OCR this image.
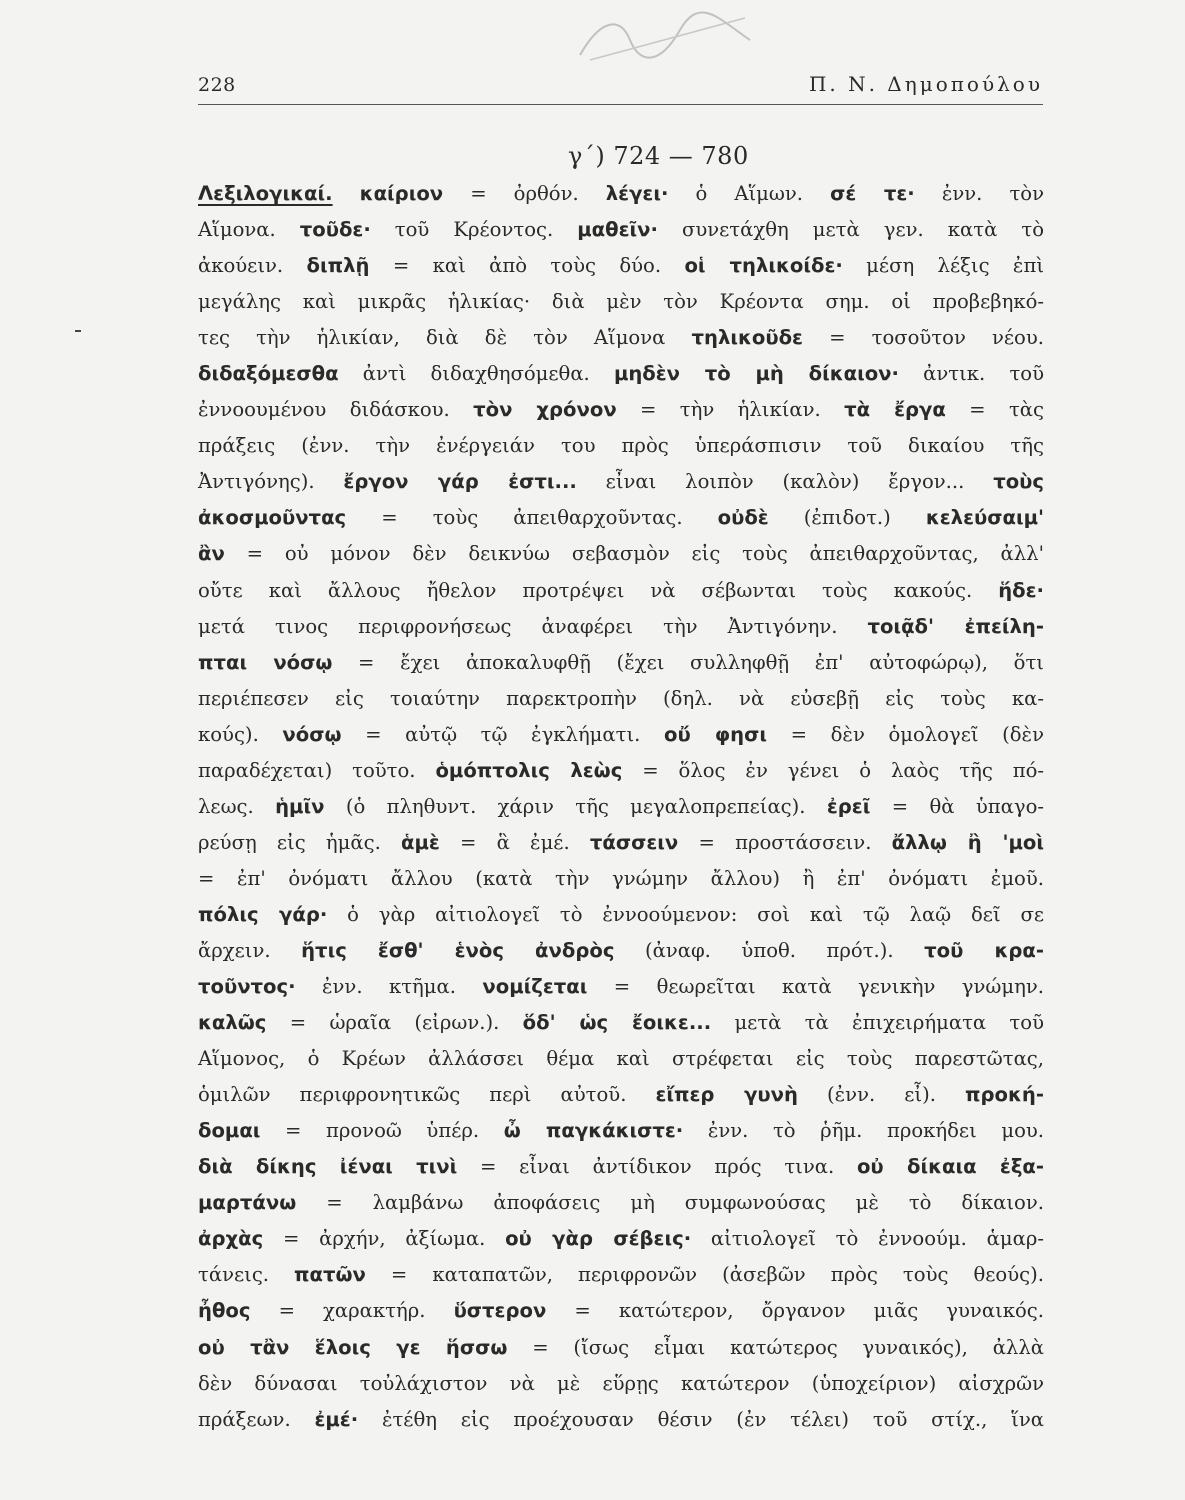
228	Π. Ν. Δημοπούλου
γ΄) 724 — 780
Λεξιλογικαί. καίριον = ὀρθόν. λέγει· ὁ Αἵμων. σέ τε· ἐνν. τὸν
Αἵμονα. τοῦδε· τοῦ Κρέοντος. μαθεῖν· συνετάχθη μετὰ γεν. κατὰ τὸ
ἀκούειν. διπλῇ = καὶ ἀπὸ τοὺς δύο. οἱ τηλικοίδε· μέση λέξις ἐπὶ
μεγάλης καὶ μικρᾶς ἡλικίας· διὰ μὲν τὸν Κρέοντα σημ. οἱ προβεβηκό-
τες τὴν ἡλικίαν, διὰ δὲ τὸν Αἵμονα τηλικοῦδε = τοσοῦτον νέου.
διδαξόμεσθα ἀντὶ διδαχθησόμεθα. μηδὲν τὸ μὴ δίκαιον· ἀντικ. τοῦ
ἐννοουμένου διδάσκου. τὸν χρόνον = τὴν ἡλικίαν. τὰ ἔργα = τὰς
πράξεις (ἐνν. τὴν ἐνέργειάν του πρὸς ὑπεράσπισιν τοῦ δικαίου τῆς
Ἀντιγόνης). ἔργον γάρ ἐστι... εἶναι λοιπὸν (καλὸν) ἔργον... τοὺς
ἀκοσμοῦντας = τοὺς ἀπειθαρχοῦντας. οὐδὲ (ἐπιδοτ.) κελεύσαιμ'
ἂν = οὐ μόνον δὲν δεικνύω σεβασμὸν εἰς τοὺς ἀπειθαρχοῦντας, ἀλλ'
οὔτε καὶ ἄλλους ἤθελον προτρέψει νὰ σέβωνται τοὺς κακούς. ἥδε·
μετά τινος περιφρονήσεως ἀναφέρει τὴν Ἀντιγόνην. τοιᾷδ' ἐπείλη-
πται νόσῳ = ἔχει ἀποκαλυφθῇ (ἔχει συλληφθῇ ἐπ' αὐτοφώρῳ), ὅτι
περιέπεσεν εἰς τοιαύτην παρεκτροπὴν (δηλ. νὰ εὐσεβῇ εἰς τοὺς κα-
κούς). νόσῳ = αὐτῷ τῷ ἐγκλήματι. οὔ φησι = δὲν ὁμολογεῖ (δὲν
παραδέχεται) τοῦτο. ὁμόπτολις λεὼς = ὅλος ἐν γένει ὁ λαὸς τῆς πό-
λεως. ἡμῖν (ὁ πληθυντ. χάριν τῆς μεγαλοπρεπείας). ἐρεῖ = θὰ ὑπαγο-
ρεύσῃ εἰς ἡμᾶς. ἁμὲ = ἃ ἐμέ. τάσσειν = προστάσσειν. ἄλλῳ ἢ 'μοὶ
= ἐπ' ὀνόματι ἄλλου (κατὰ τὴν γνώμην ἄλλου) ἢ ἐπ' ὀνόματι ἐμοῦ.
πόλις γάρ· ὁ γὰρ αἰτιολογεῖ τὸ ἐννοούμενον: σοὶ καὶ τῷ λαῷ δεῖ σε
ἄρχειν. ἥτις ἔσθ' ἑνὸς ἀνδρὸς (ἀναφ. ὑποθ. πρότ.). τοῦ κρα-
τοῦντος· ἐνν. κτῆμα. νομίζεται = θεωρεῖται κατὰ γενικὴν γνώμην.
καλῶς = ὡραῖα (εἰρων.). ὅδ' ὡς ἔοικε... μετὰ τὰ ἐπιχειρήματα τοῦ
Αἵμονος, ὁ Κρέων ἀλλάσσει θέμα καὶ στρέφεται εἰς τοὺς παρεστῶτας,
ὁμιλῶν περιφρονητικῶς περὶ αὐτοῦ. εἴπερ γυνὴ (ἐνν. εἶ). προκή-
δομαι = προνοῶ ὑπέρ. ὦ παγκάκιστε· ἐνν. τὸ ῥῆμ. προκήδει μου.
διὰ δίκης ἰέναι τινὶ = εἶναι ἀντίδικον πρός τινα. οὐ δίκαια ἐξα-
μαρτάνω = λαμβάνω ἀποφάσεις μὴ συμφωνούσας μὲ τὸ δίκαιον.
ἀρχὰς = ἀρχήν, ἀξίωμα. οὐ γὰρ σέβεις· αἰτιολογεῖ τὸ ἐννοούμ. ἁμαρ-
τάνεις. πατῶν = καταπατῶν, περιφρονῶν (ἀσεβῶν πρὸς τοὺς θεούς).
ἦθος = χαρακτήρ. ὕστερον = κατώτερον, ὄργανον μιᾶς γυναικός.
οὐ τἂν ἕλοις γε ἥσσω = (ἴσως εἶμαι κατώτερος γυναικός), ἀλλὰ
δὲν δύνασαι τοὐλάχιστον νὰ μὲ εὕρῃς κατώτερον (ὑποχείριον) αἰσχρῶν
πράξεων. ἐμέ· ἐτέθη εἰς προέχουσαν θέσιν (ἐν τέλει) τοῦ στίχ., ἵνα
